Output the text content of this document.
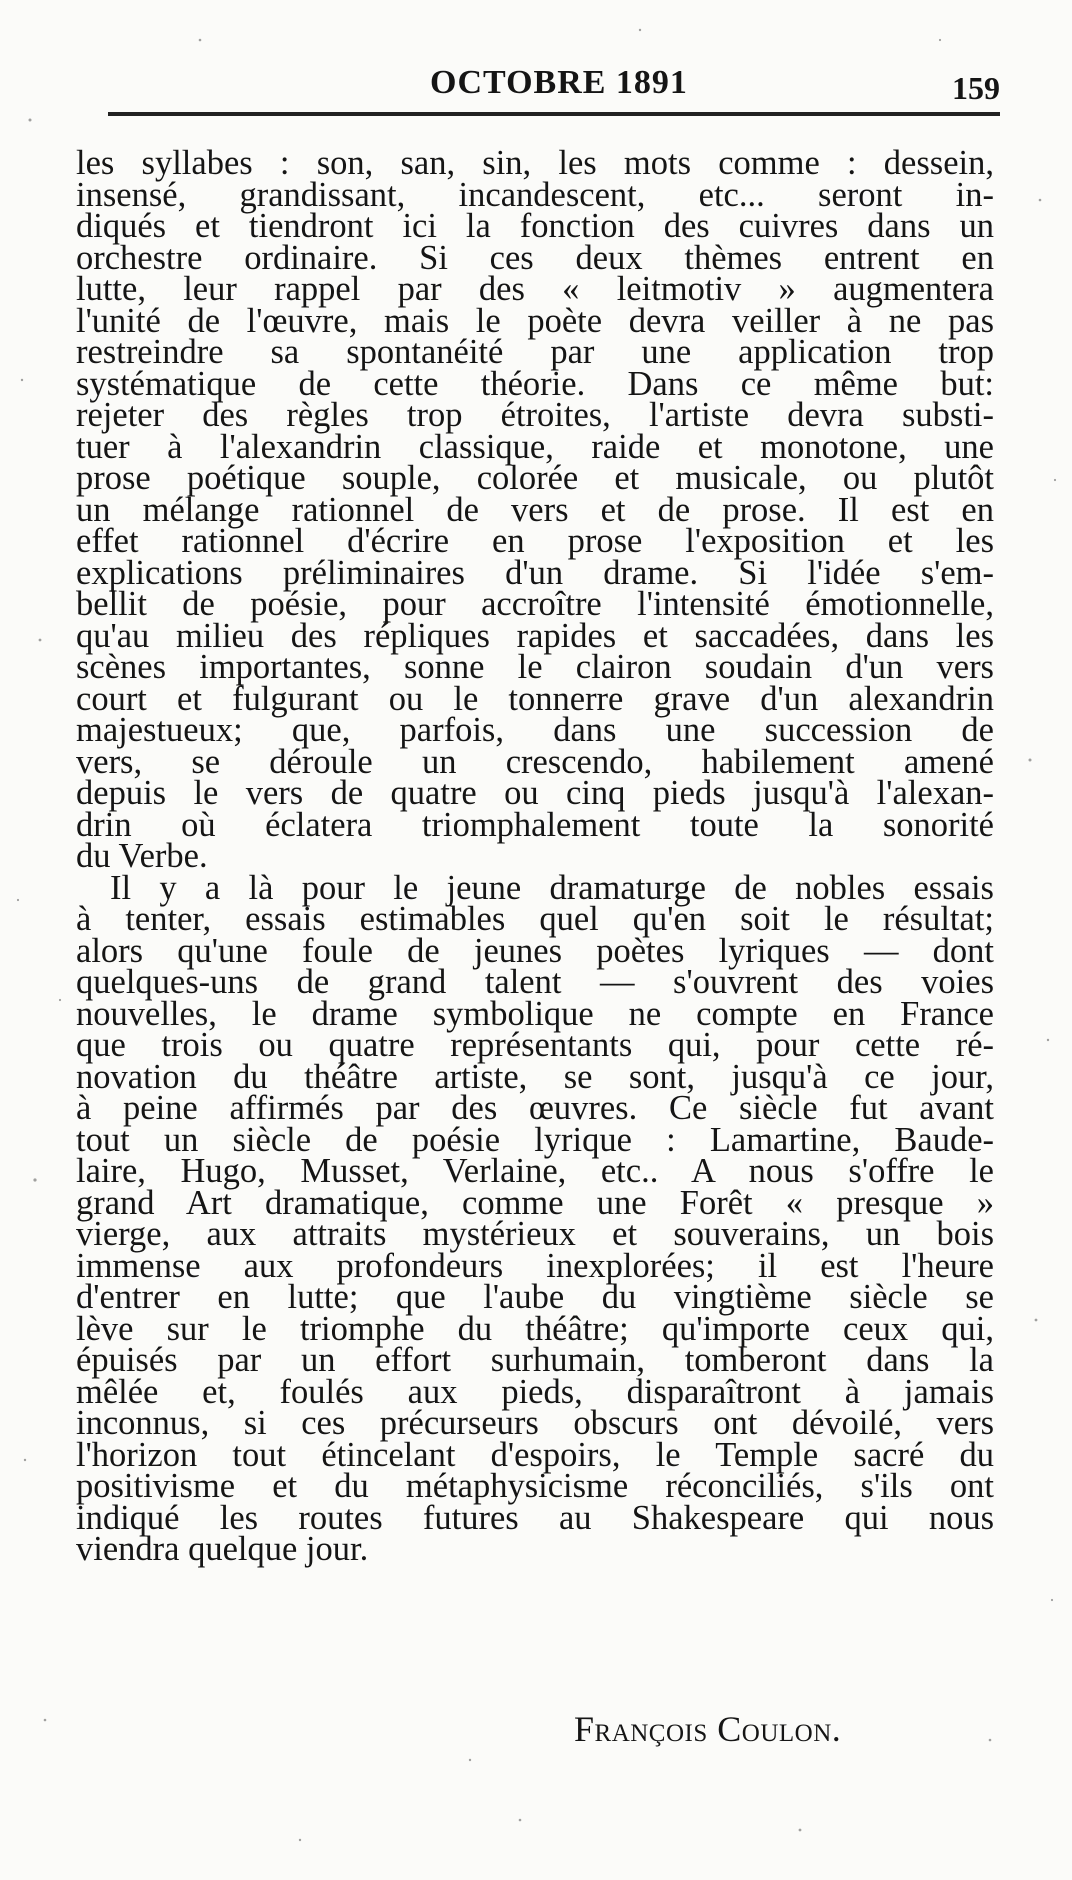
OCTOBRE 1891	159

les syllabes : son, san, sin, les mots comme : dessein,
insensé, grandissant, incandescent, etc... seront in-
diqués et tiendront ici la fonction des cuivres dans un
orchestre ordinaire. Si ces deux thèmes entrent en
lutte, leur rappel par des « leitmotiv » augmentera
l'unité de l'œuvre, mais le poète devra veiller à ne pas
restreindre sa spontanéité par une application trop
systématique de cette théorie. Dans ce même but:
rejeter des règles trop étroites, l'artiste devra substi-
tuer à l'alexandrin classique, raide et monotone, une
prose poétique souple, colorée et musicale, ou plutôt
un mélange rationnel de vers et de prose. Il est en
effet rationnel d'écrire en prose l'exposition et les
explications préliminaires d'un drame. Si l'idée s'em-
bellit de poésie, pour accroître l'intensité émotionnelle,
qu'au milieu des répliques rapides et saccadées, dans les
scènes importantes, sonne le clairon soudain d'un vers
court et fulgurant ou le tonnerre grave d'un alexandrin
majestueux; que, parfois, dans une succession de
vers, se déroule un crescendo, habilement amené
depuis le vers de quatre ou cinq pieds jusqu'à l'alexan-
drin où éclatera triomphalement toute la sonorité
du Verbe.

Il y a là pour le jeune dramaturge de nobles essais
à tenter, essais estimables quel qu'en soit le résultat;
alors qu'une foule de jeunes poètes lyriques — dont
quelques-uns de grand talent — s'ouvrent des voies
nouvelles, le drame symbolique ne compte en France
que trois ou quatre représentants qui, pour cette ré-
novation du théâtre artiste, se sont, jusqu'à ce jour,
à peine affirmés par des œuvres. Ce siècle fut avant
tout un siècle de poésie lyrique : Lamartine, Baude-
laire, Hugo, Musset, Verlaine, etc.. A nous s'offre le
grand Art dramatique, comme une Forêt « presque »
vierge, aux attraits mystérieux et souverains, un bois
immense aux profondeurs inexplorées; il est l'heure
d'entrer en lutte; que l'aube du vingtième siècle se
lève sur le triomphe du théâtre; qu'importe ceux qui,
épuisés par un effort surhumain, tomberont dans la
mêlée et, foulés aux pieds, disparaîtront à jamais
inconnus, si ces précurseurs obscurs ont dévoilé, vers
l'horizon tout étincelant d'espoirs, le Temple sacré du
positivisme et du métaphysicisme réconciliés, s'ils ont
indiqué les routes futures au Shakespeare qui nous
viendra quelque jour.

François Coulon.
